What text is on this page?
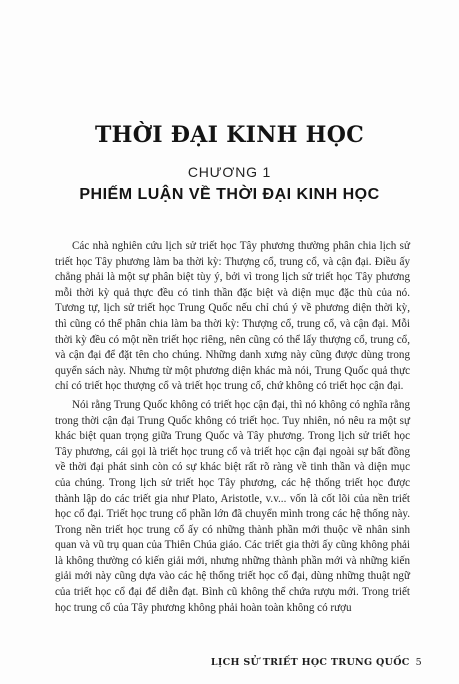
THỜI ĐẠI KINH HỌC
CHƯƠNG 1
PHIẾM LUẬN VỀ THỜI ĐẠI KINH HỌC

Các nhà nghiên cứu lịch sử triết học Tây phương thường phân chia lịch sử triết học Tây phương làm ba thời kỳ: Thượng cổ, trung cổ, và cận đại. Điều ấy chẳng phải là một sự phân biệt tùy ý, bởi vì trong lịch sử triết học Tây phương mỗi thời kỳ quả thực đều có tinh thần đặc biệt và diện mục đặc thù của nó. Tương tự, lịch sử triết học Trung Quốc nếu chỉ chú ý về phương diện thời kỳ, thì cũng có thể phân chia làm ba thời kỳ: Thượng cổ, trung cổ, và cận đại. Mỗi thời kỳ đều có một nền triết học riêng, nên cũng có thể lấy thượng cổ, trung cổ, và cận đại để đặt tên cho chúng. Những danh xưng này cũng được dùng trong quyển sách này. Nhưng từ một phương diện khác mà nói, Trung Quốc quả thực chỉ có triết học thượng cổ và triết học trung cổ, chứ không có triết học cận đại.

Nói rằng Trung Quốc không có triết học cận đại, thì nó không có nghĩa rằng trong thời cận đại Trung Quốc không có triết học. Tuy nhiên, nó nêu ra một sự khác biệt quan trọng giữa Trung Quốc và Tây phương. Trong lịch sử triết học Tây phương, cái gọi là triết học trung cổ và triết học cận đại ngoài sự bất đồng về thời đại phát sinh còn có sự khác biệt rất rõ ràng về tinh thần và diện mục của chúng. Trong lịch sử triết học Tây phương, các hệ thống triết học được thành lập do các triết gia như Plato, Aristotle, v.v... vốn là cốt lõi của nền triết học cổ đại. Triết học trung cổ phần lớn đã chuyển mình trong các hệ thống này. Trong nền triết học trung cổ ấy có những thành phần mới thuộc về nhân sinh quan và vũ trụ quan của Thiên Chúa giáo. Các triết gia thời ấy cũng không phải là không thường có kiến giải mới, nhưng những thành phần mới và những kiến giải mới này cũng dựa vào các hệ thống triết học cổ đại, dùng những thuật ngữ của triết học cổ đại để diễn đạt. Bình cũ không thể chứa rượu mới. Trong triết học trung cổ của Tây phương không phải hoàn toàn không có rượu

LỊCH SỬ TRIẾT HỌC TRUNG QUỐC 5
